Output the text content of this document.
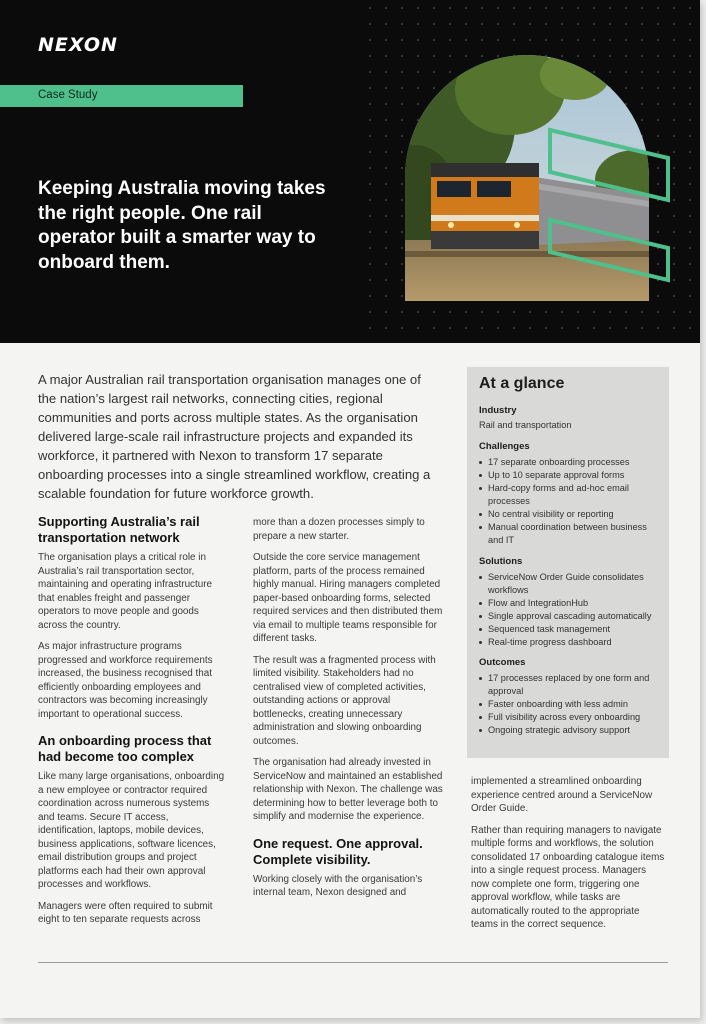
NEXON
Case Study
Keeping Australia moving takes the right people. One rail operator built a smarter way to onboard them.
A major Australian rail transportation organisation manages one of the nation’s largest rail networks, connecting cities, regional communities and ports across multiple states. As the organisation delivered large-scale rail infrastructure projects and expanded its workforce, it partnered with Nexon to transform 17 separate onboarding processes into a single streamlined workflow, creating a scalable foundation for future workforce growth.
At a glance
Industry
Rail and transportation
Challenges
17 separate onboarding processes
Up to 10 separate approval forms
Hard-copy forms and ad-hoc email processes
No central visibility or reporting
Manual coordination between business and IT
Solutions
ServiceNow Order Guide consolidates workflows
Flow and IntegrationHub
Single approval cascading automatically
Sequenced task management
Real-time progress dashboard
Outcomes
17 processes replaced by one form and approval
Faster onboarding with less admin
Full visibility across every onboarding
Ongoing strategic advisory support
Supporting Australia’s rail transportation network

The organisation plays a critical role in Australia’s rail transportation sector, maintaining and operating infrastructure that enables freight and passenger operators to move people and goods across the country.

As major infrastructure programs progressed and workforce requirements increased, the business recognised that efficiently onboarding employees and contractors was becoming increasingly important to operational success.

An onboarding process that had become too complex

Like many large organisations, onboarding a new employee or contractor required coordination across numerous systems and teams. Secure IT access, identification, laptops, mobile devices, business applications, software licences, email distribution groups and project platforms each had their own approval processes and workflows.

Managers were often required to submit eight to ten separate requests across

more than a dozen processes simply to prepare a new starter.

Outside the core service management platform, parts of the process remained highly manual. Hiring managers completed paper-based onboarding forms, selected required services and then distributed them via email to multiple teams responsible for different tasks.

The result was a fragmented process with limited visibility. Stakeholders had no centralised view of completed activities, outstanding actions or approval bottlenecks, creating unnecessary administration and slowing onboarding outcomes.

The organisation had already invested in ServiceNow and maintained an established relationship with Nexon. The challenge was determining how to better leverage both to simplify and modernise the experience.

One request. One approval. Complete visibility.

Working closely with the organisation’s internal team, Nexon designed and

implemented a streamlined onboarding experience centred around a ServiceNow Order Guide.

Rather than requiring managers to navigate multiple forms and workflows, the solution consolidated 17 onboarding catalogue items into a single request process. Managers now complete one form, triggering one approval workflow, while tasks are automatically routed to the appropriate teams in the correct sequence.
